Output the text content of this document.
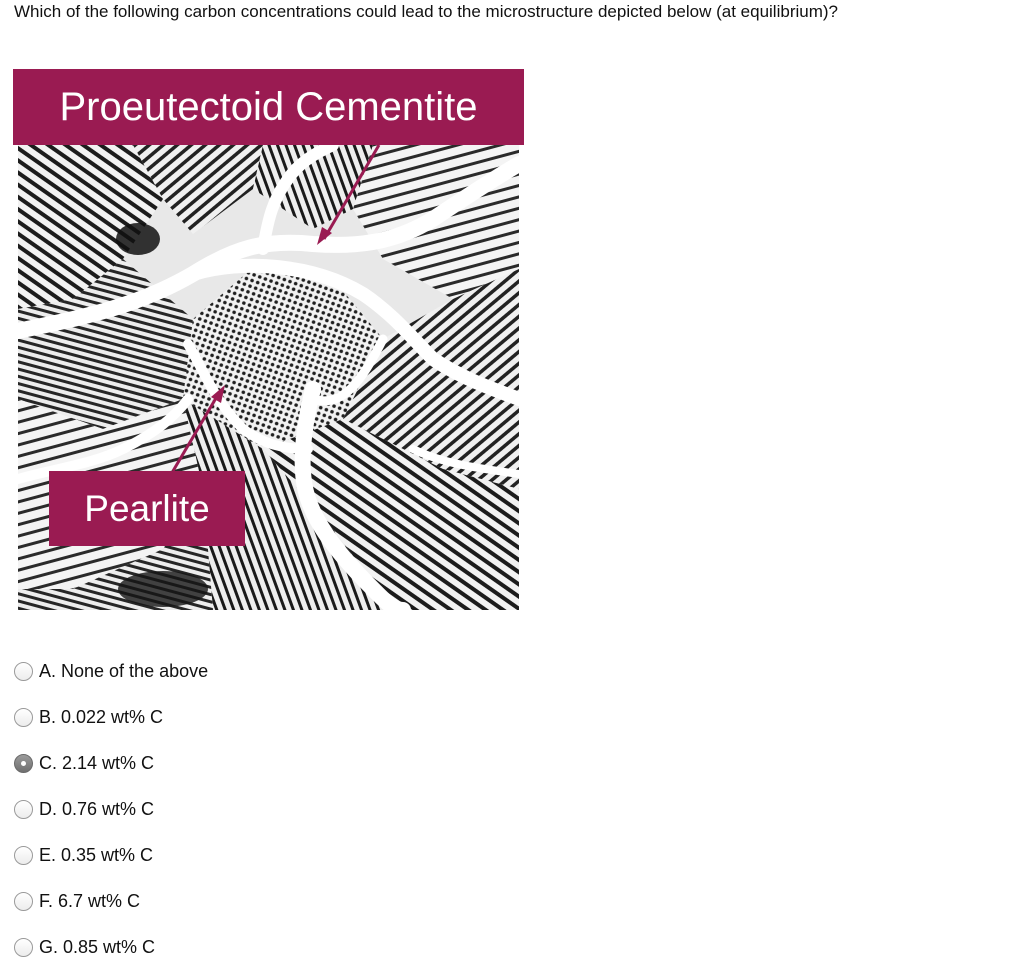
Which of the following carbon concentrations could lead to the microstructure depicted below (at equilibrium)?
Proeutectoid Cementite
Pearlite
A. None of the above
B. 0.022 wt% C
C. 2.14 wt% C
D. 0.76 wt% C
E. 0.35 wt% C
F. 6.7 wt% C
G. 0.85 wt% C
